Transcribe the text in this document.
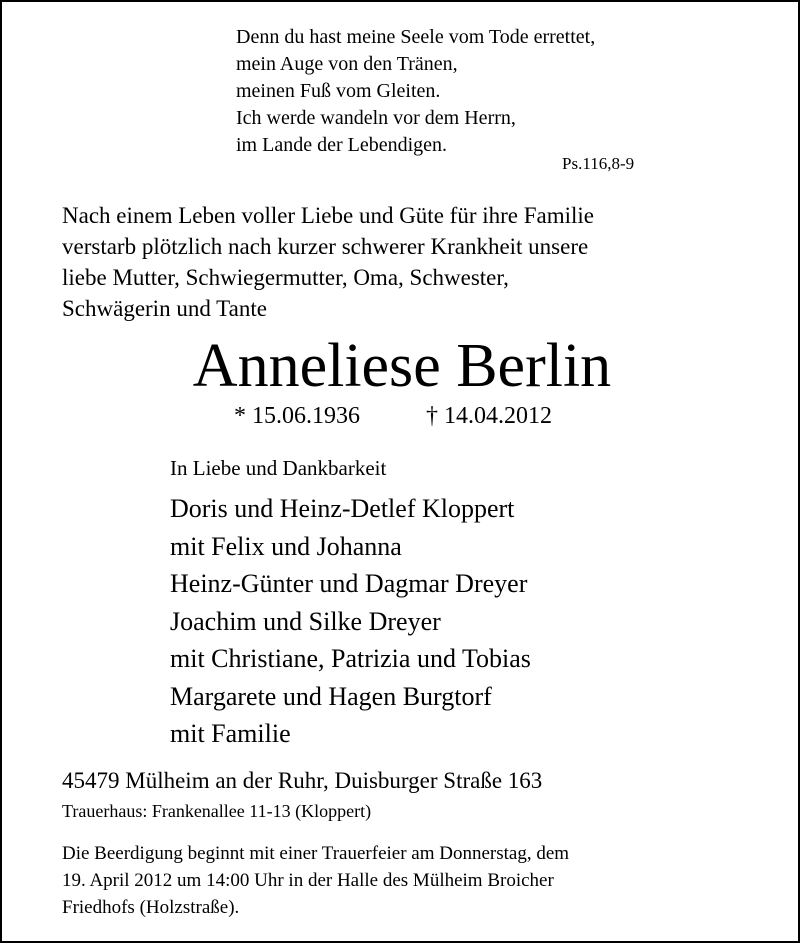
Denn du hast meine Seele vom Tode errettet,
mein Auge von den Tränen,
meinen Fuß vom Gleiten.
Ich werde wandeln vor dem Herrn,
im Lande der Lebendigen.
Ps.116,8-9
Nach einem Leben voller Liebe und Güte für ihre Familie
verstarb plötzlich nach kurzer schwerer Krankheit unsere
liebe Mutter, Schwiegermutter, Oma, Schwester,
Schwägerin und Tante
Anneliese Berlin
* 15.06.1936	† 14.04.2012
In Liebe und Dankbarkeit
Doris und Heinz-Detlef Kloppert
mit Felix und Johanna
Heinz-Günter und Dagmar Dreyer
Joachim und Silke Dreyer
mit Christiane, Patrizia und Tobias
Margarete und Hagen Burgtorf
mit Familie
45479 Mülheim an der Ruhr, Duisburger Straße 163
Trauerhaus: Frankenallee 11-13 (Kloppert)
Die Beerdigung beginnt mit einer Trauerfeier am Donnerstag, dem
19. April 2012 um 14:00 Uhr in der Halle des Mülheim Broicher
Friedhofs (Holzstraße).
